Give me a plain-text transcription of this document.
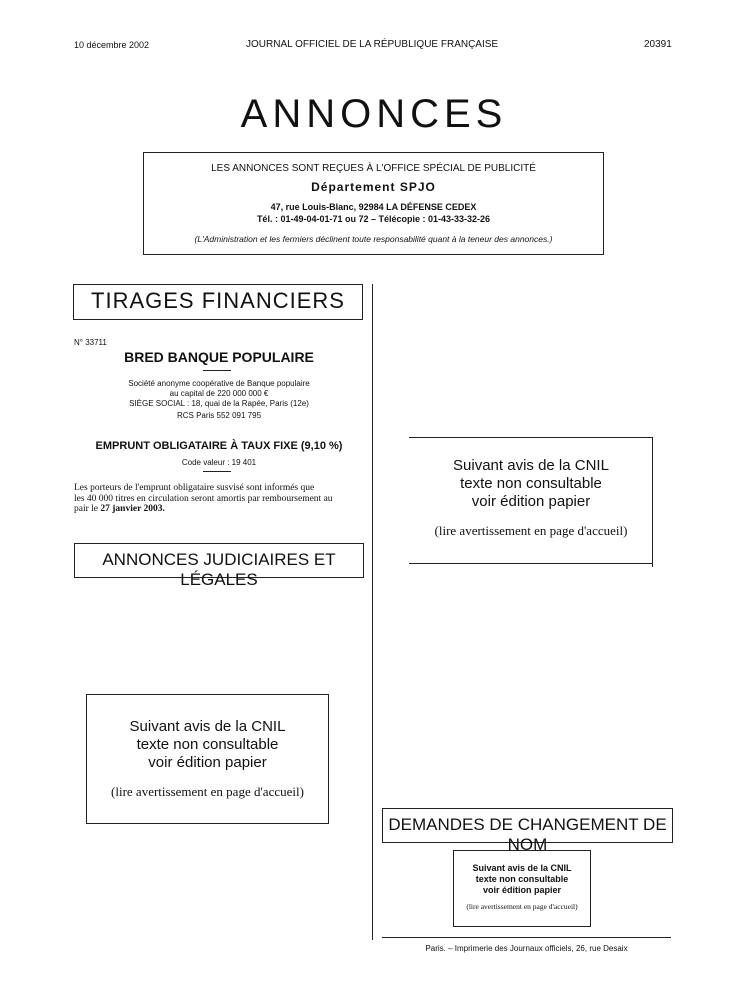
10 décembre 2002	JOURNAL OFFICIEL DE LA RÉPUBLIQUE FRANÇAISE	20391
ANNONCES
LES ANNONCES SONT REÇUES À L'OFFICE SPÉCIAL DE PUBLICITÉ
Département SPJO
47, rue Louis-Blanc, 92984 LA DÉFENSE CEDEX
Tél. : 01-49-04-01-71 ou 72 – Télécopie : 01-43-33-32-26
(L'Administration et les fermiers déclinent toute responsabilité quant à la teneur des annonces.)
TIRAGES FINANCIERS
N° 33711
BRED BANQUE POPULAIRE
Société anonyme coopérative de Banque populaire
au capital de 220 000 000 €
SIÈGE SOCIAL : 18, quai de la Rapée, Paris (12e)
RCS Paris 552 091 795
EMPRUNT OBLIGATAIRE À TAUX FIXE (9,10 %)
Code valeur : 19 401
Les porteurs de l'emprunt obligataire susvisé sont informés que
les 40 000 titres en circulation seront amortis par remboursement au
pair le 27 janvier 2003.
ANNONCES JUDICIAIRES ET LÉGALES
Suivant avis de la CNIL
texte non consultable
voir édition papier
(lire avertissement en page d'accueil)
Suivant avis de la CNIL
texte non consultable
voir édition papier
(lire avertissement en page d'accueil)
DEMANDES DE CHANGEMENT DE NOM
Suivant avis de la CNIL
texte non consultable
voir édition papier
(lire avertissement en page d'accueil)
Paris. – Imprimerie des Journaux officiels, 26, rue Desaix
